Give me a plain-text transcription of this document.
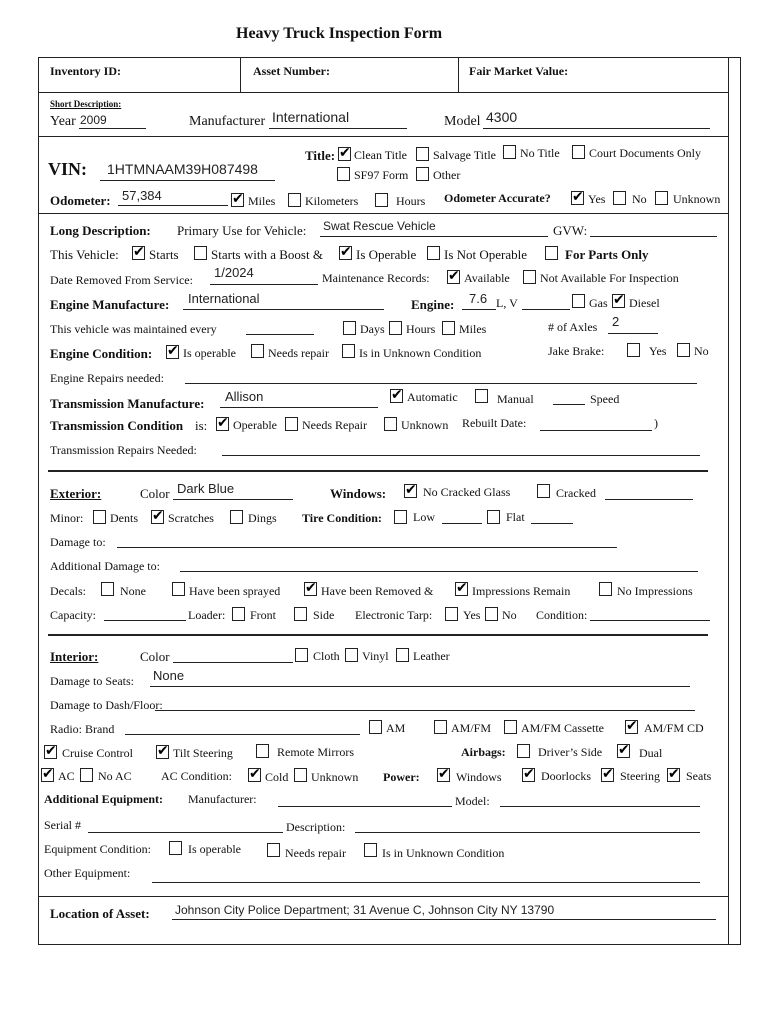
Heavy Truck Inspection Form
Inventory ID:	Asset Number:	Fair Market Value:
Short Description:
Year 2009	Manufacturer International	Model 4300
VIN: 1HTMNAAM39H087498
Title: ✔ Clean Title Salvage Title No Title Court Documents Only
SF97 Form Other
Odometer: 57,384 ✔	Miles Kilometers	Hours Odometer Accurate? ✔	Yes No Unknown
Long Description: Primary Use for Vehicle: Swat Rescue Vehicle	GVW:
This Vehicle: ✔ Starts Starts with a Boost & ✔	Is Operable Is Not Operable	For Parts Only
Date Removed From Service: 1/2024	Maintenance Records: ✔	Available	Not Available For Inspection
Engine Manufacture: International	Engine: 7.6 L, V	Gas ✔ Diesel
This vehicle was maintained every	Days Hours Miles	# of Axles 2
Engine Condition: ✔	Is operable	Needs repair	Is in Unknown Condition	Jake Brake:	Yes No
Engine Repairs needed:
Transmission Manufacture: Allison ✔	Automatic	Manual	Speed
Transmission Condition is: ✔ Operable Needs Repair	Unknown Rebuilt Date:	)
Transmission Repairs Needed:
Exterior:	Color Dark Blue	Windows: ✔	No Cracked Glass	Cracked
Minor: Dents ✔	Scratches	Dings Tire Condition:	Low	Flat
Damage to:
Additional Damage to:
Decals:	None	Have been sprayed ✔	Have been Removed & ✔	Impressions Remain	No Impressions
Capacity:	Loader: Front	Side Electronic Tarp:	Yes No Condition:
Interior:	Color	Cloth Vinyl Leather
Damage to Seats: None
Damage to Dash/Floor:
Radio: Brand	AM	AM/FM AM/FM Cassette ✔	AM/FM CD
✔
Cruise Control ✔	Tilt Steering	Remote Mirrors	Airbags:	Driver’s Side ✔	Dual
✔
AC No AC AC Condition: ✔	Cold Unknown Power: ✔	Windows ✔	Doorlocks ✔ Steering ✔ Seats
Additional Equipment: Manufacturer:	Model:
Serial #	Description:
Equipment Condition:	Is operable	Needs repair	Is in Unknown Condition
Other Equipment:
Location of Asset: Johnson City Police Department; 31 Avenue C, Johnson City NY 13790
